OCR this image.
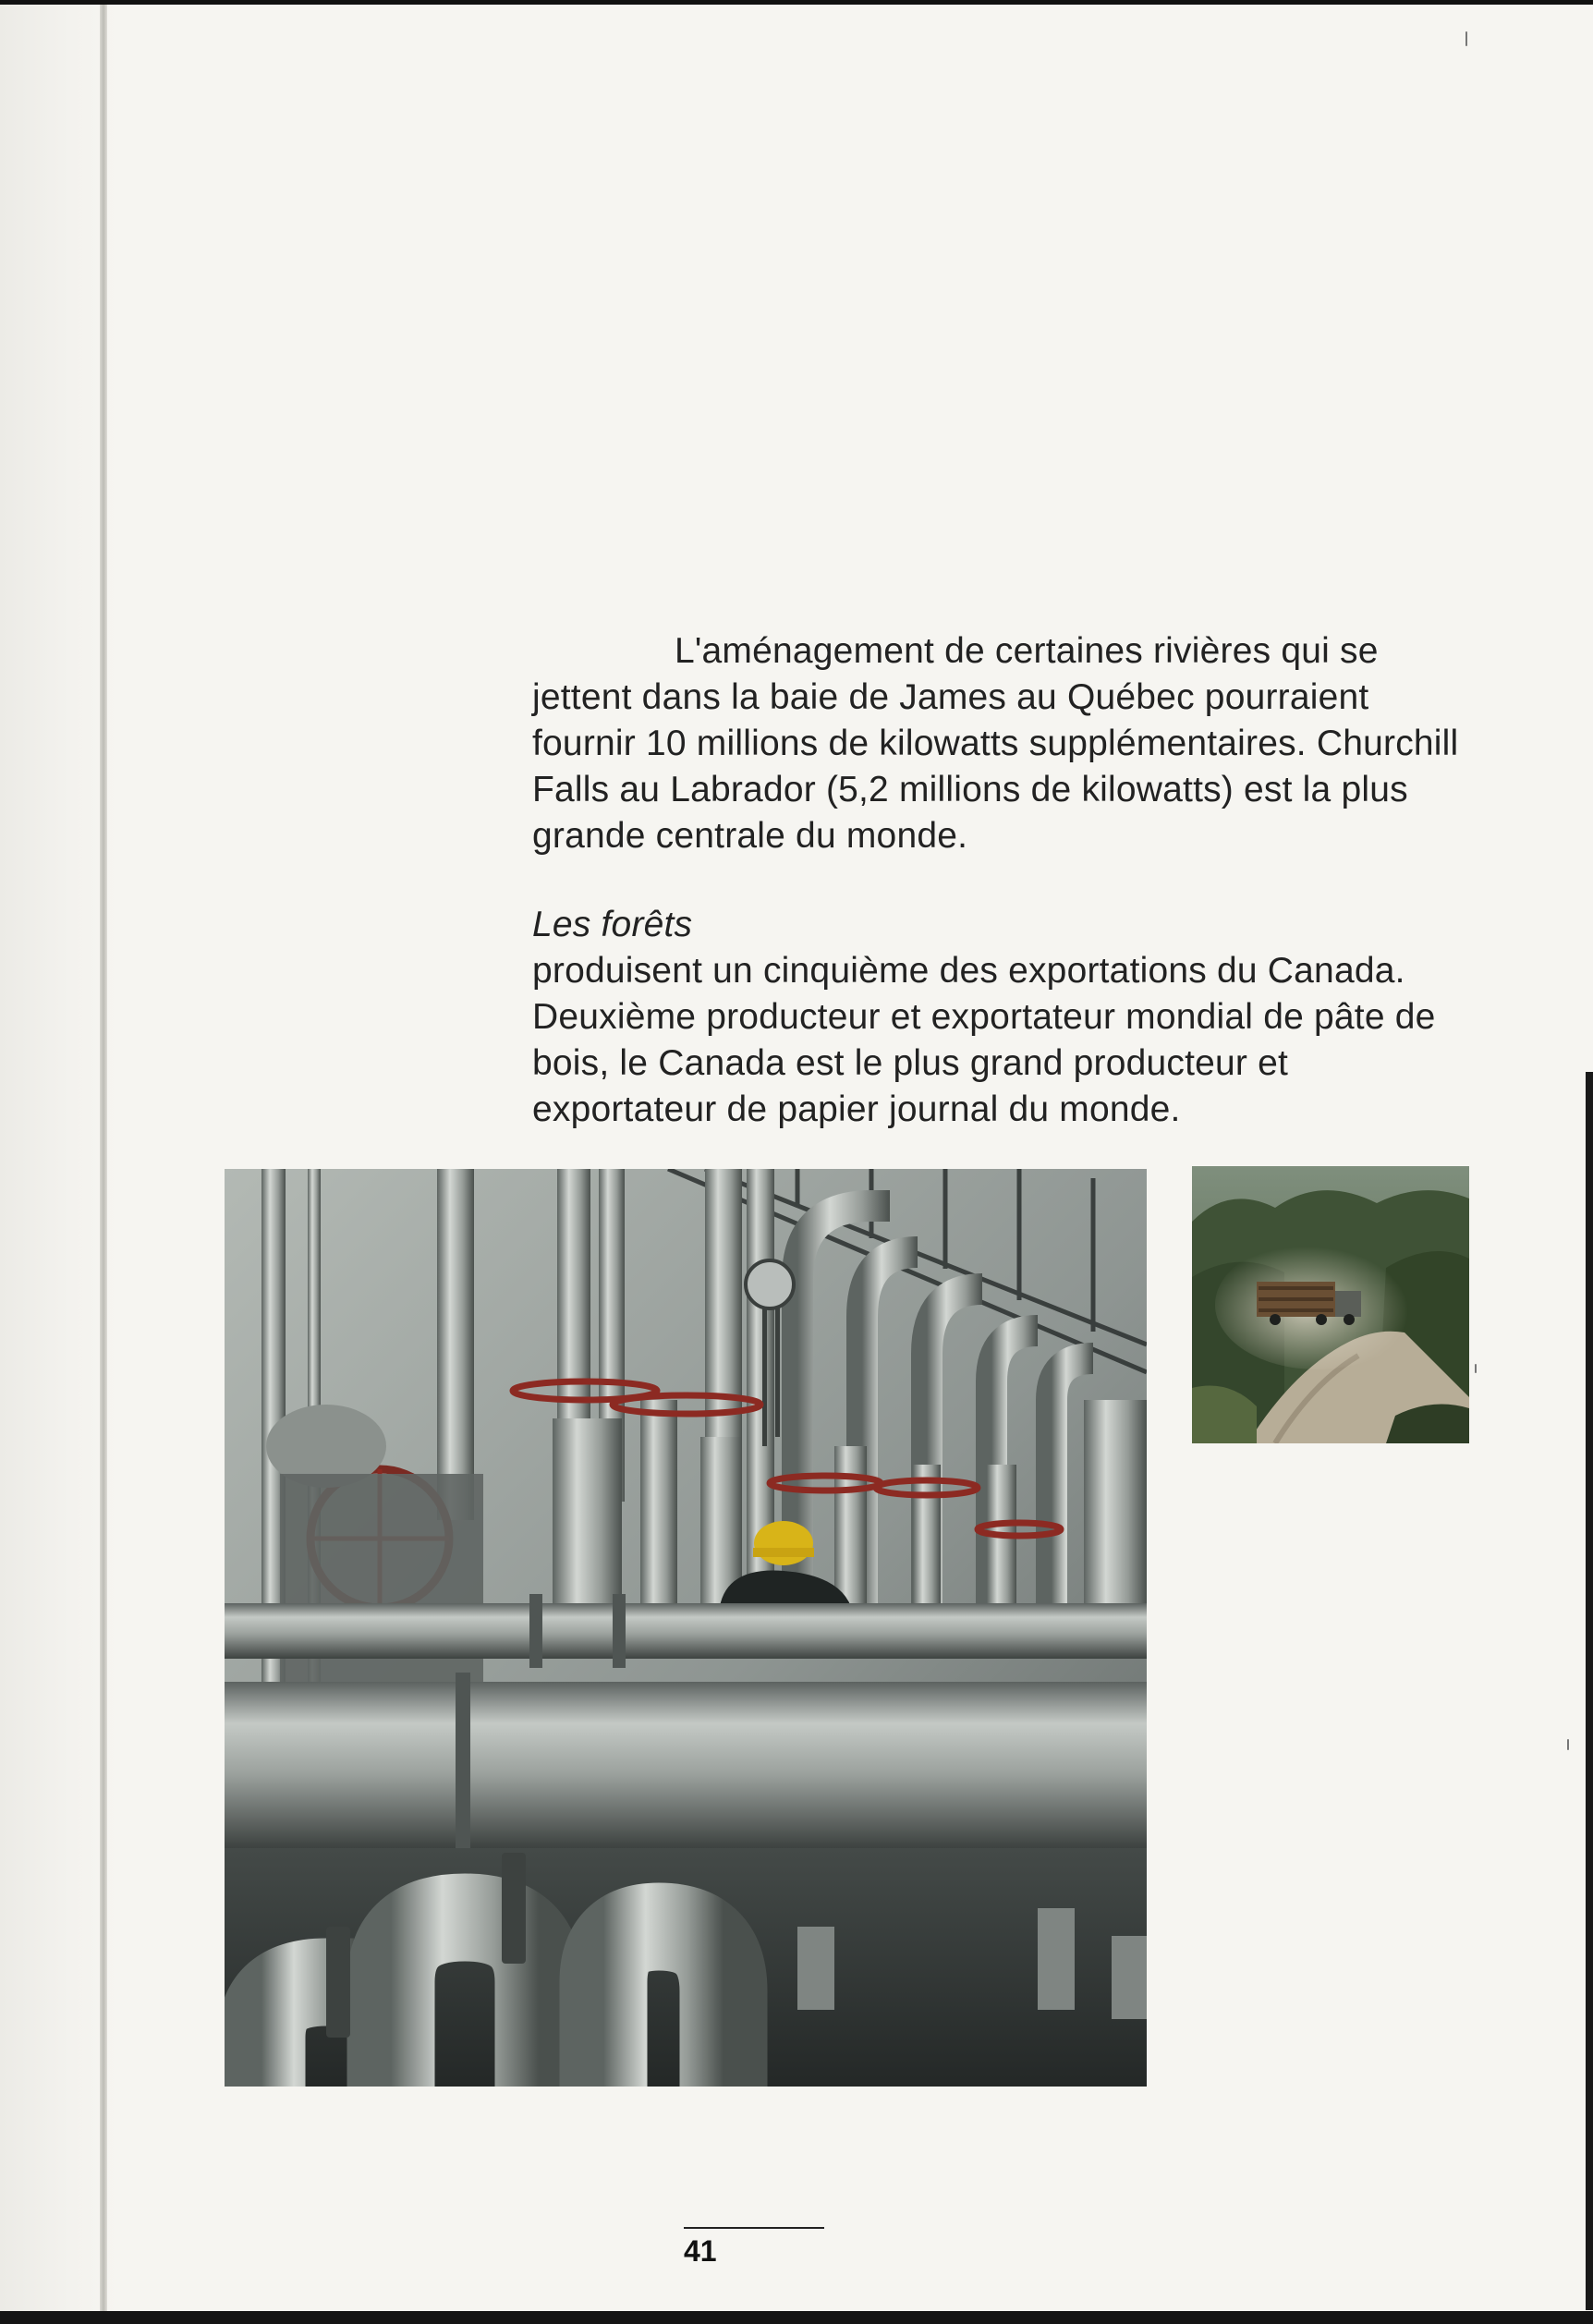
L'aménagement de certaines rivières qui se jettent dans la baie de James au Québec pourraient fournir 10 millions de kilowatts supplémentaires. Churchill Falls au Labrador (5,2 millions de kilowatts) est la plus grande centrale du monde.

Les forêts

produisent un cinquième des exportations du Canada. Deuxième producteur et exportateur mondial de pâte de bois, le Canada est le plus grand producteur et exportateur de papier journal du monde.

41
